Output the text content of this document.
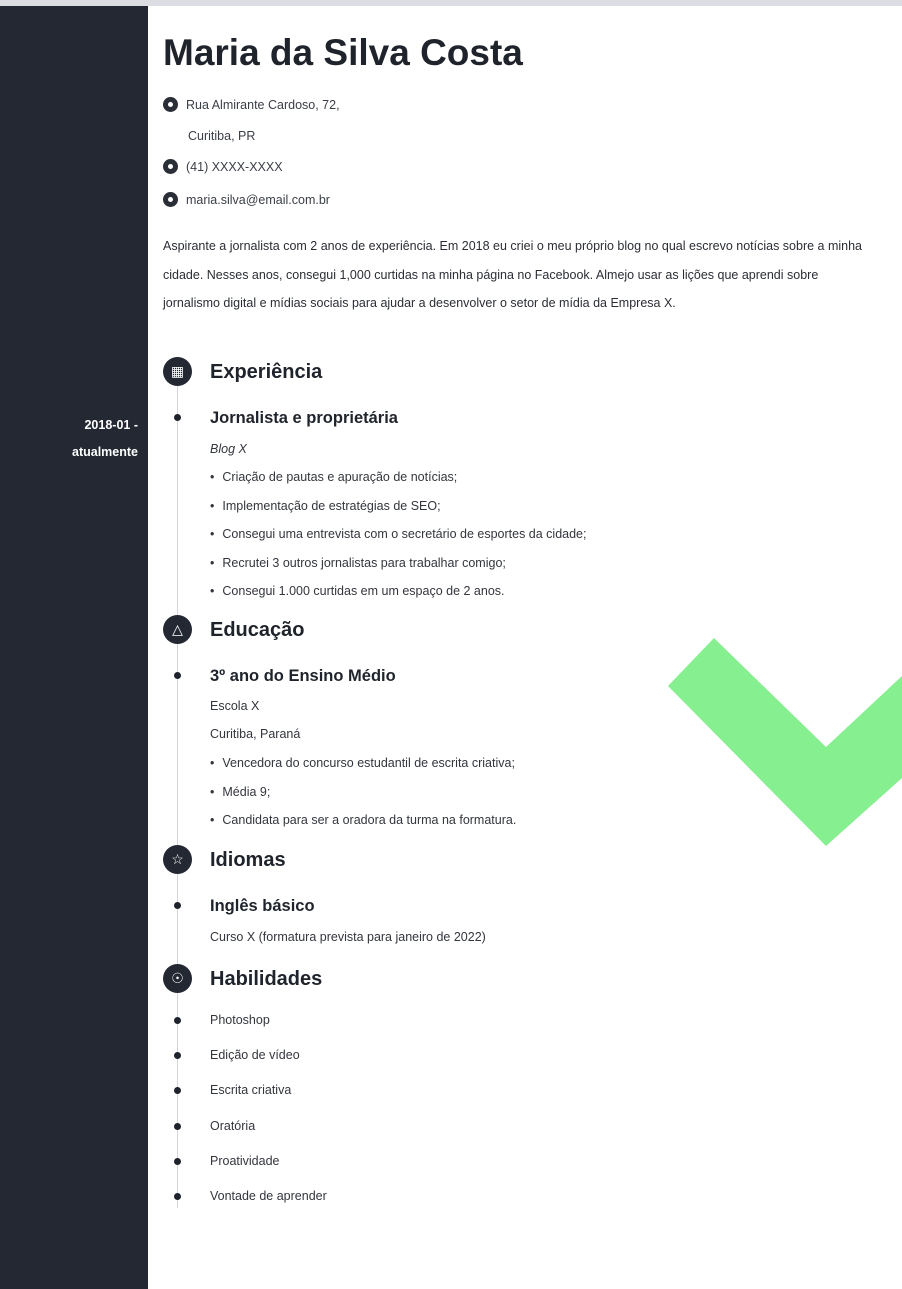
2018-01 -
atualmente
Maria da Silva Costa
Rua Almirante Cardoso, 72,
Curitiba, PR
(41) XXXX-XXXX
maria.silva@email.com.br

Aspirante a jornalista com 2 anos de experiência. Em 2018 eu criei o meu próprio blog no qual escrevo notícias sobre a minha cidade. Nesses anos, consegui 1,000 curtidas na minha página no Facebook. Almejo usar as lições que aprendi sobre jornalismo digital e mídias sociais para ajudar a desenvolver o setor de mídia da Empresa X.

▦	Experiência
Jornalista e proprietária
Blog X
• Criação de pautas e apuração de notícias;
• Implementação de estratégias de SEO;
• Consegui uma entrevista com o secretário de esportes da cidade;
• Recrutei 3 outros jornalistas para trabalhar comigo;
• Consegui 1.000 curtidas em um espaço de 2 anos.
△	Educação
3º ano do Ensino Médio
Escola X
Curitiba, Paraná
• Vencedora do concurso estudantil de escrita criativa;
• Média 9;
• Candidata para ser a oradora da turma na formatura.
☆	Idiomas
Inglês básico
Curso X (formatura prevista para janeiro de 2022)
☉	Habilidades
Photoshop
Edição de vídeo
Escrita criativa
Oratória
Proatividade
Vontade de aprender
